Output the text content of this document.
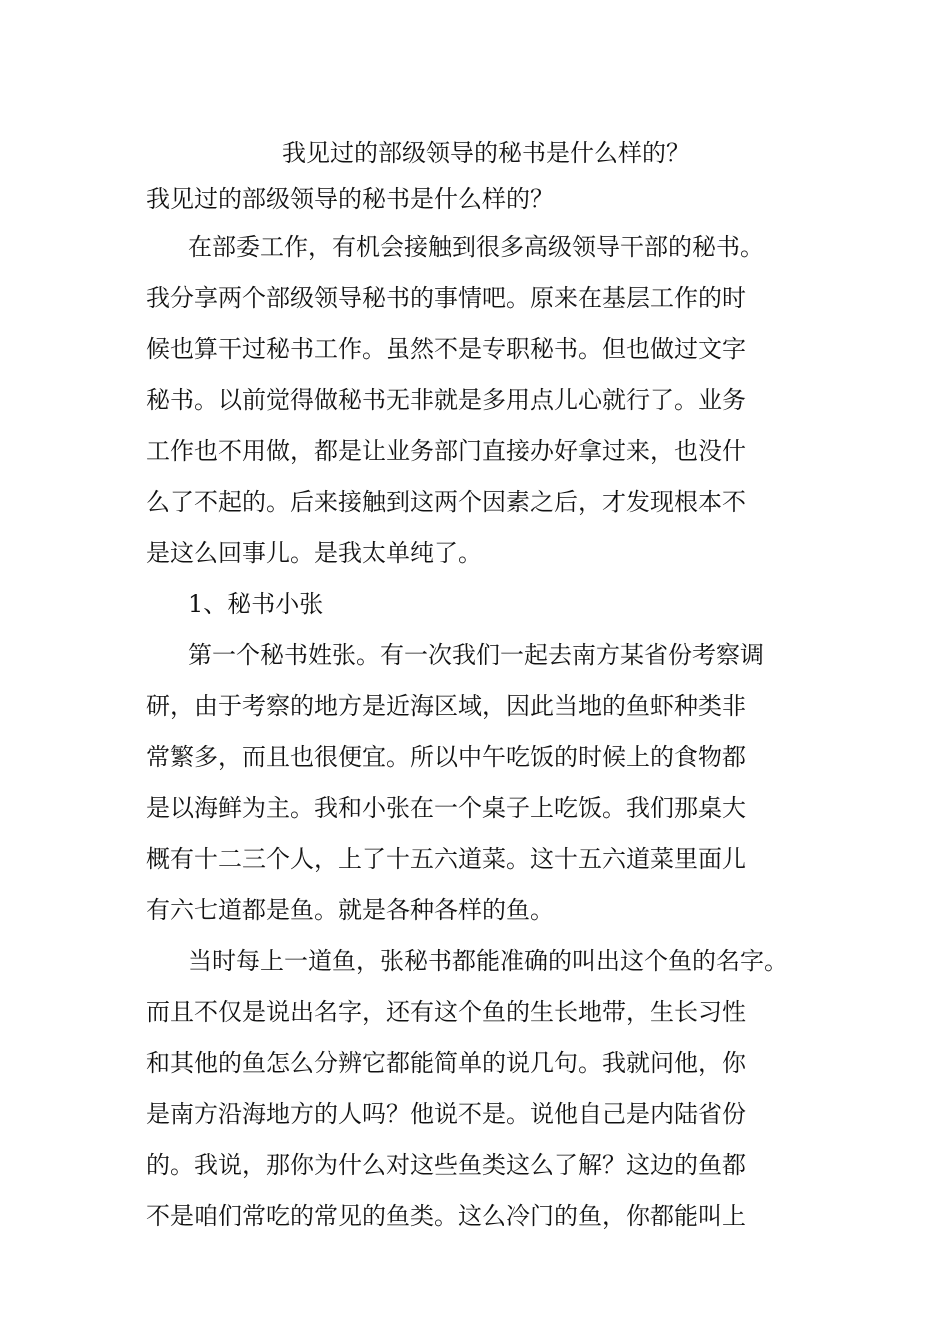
我见过的部级领导的秘书是什么样的？

我见过的部级领导的秘书是什么样的？

在部委工作，有机会接触到很多高级领导干部的秘书。
我分享两个部级领导秘书的事情吧。原来在基层工作的时
候也算干过秘书工作。虽然不是专职秘书。但也做过文字
秘书。以前觉得做秘书无非就是多用点儿心就行了。业务
工作也不用做，都是让业务部门直接办好拿过来，也没什
么了不起的。后来接触到这两个因素之后，才发现根本不
是这么回事儿。是我太单纯了。

1、秘书小张

第一个秘书姓张。有一次我们一起去南方某省份考察调
研，由于考察的地方是近海区域，因此当地的鱼虾种类非
常繁多，而且也很便宜。所以中午吃饭的时候上的食物都
是以海鲜为主。我和小张在一个桌子上吃饭。我们那桌大
概有十二三个人，上了十五六道菜。这十五六道菜里面儿
有六七道都是鱼。就是各种各样的鱼。

当时每上一道鱼，张秘书都能准确的叫出这个鱼的名字。
而且不仅是说出名字，还有这个鱼的生长地带，生长习性
和其他的鱼怎么分辨它都能简单的说几句。我就问他，你
是南方沿海地方的人吗？他说不是。说他自己是内陆省份
的。我说，那你为什么对这些鱼类这么了解？这边的鱼都
不是咱们常吃的常见的鱼类。这么冷门的鱼，你都能叫上
